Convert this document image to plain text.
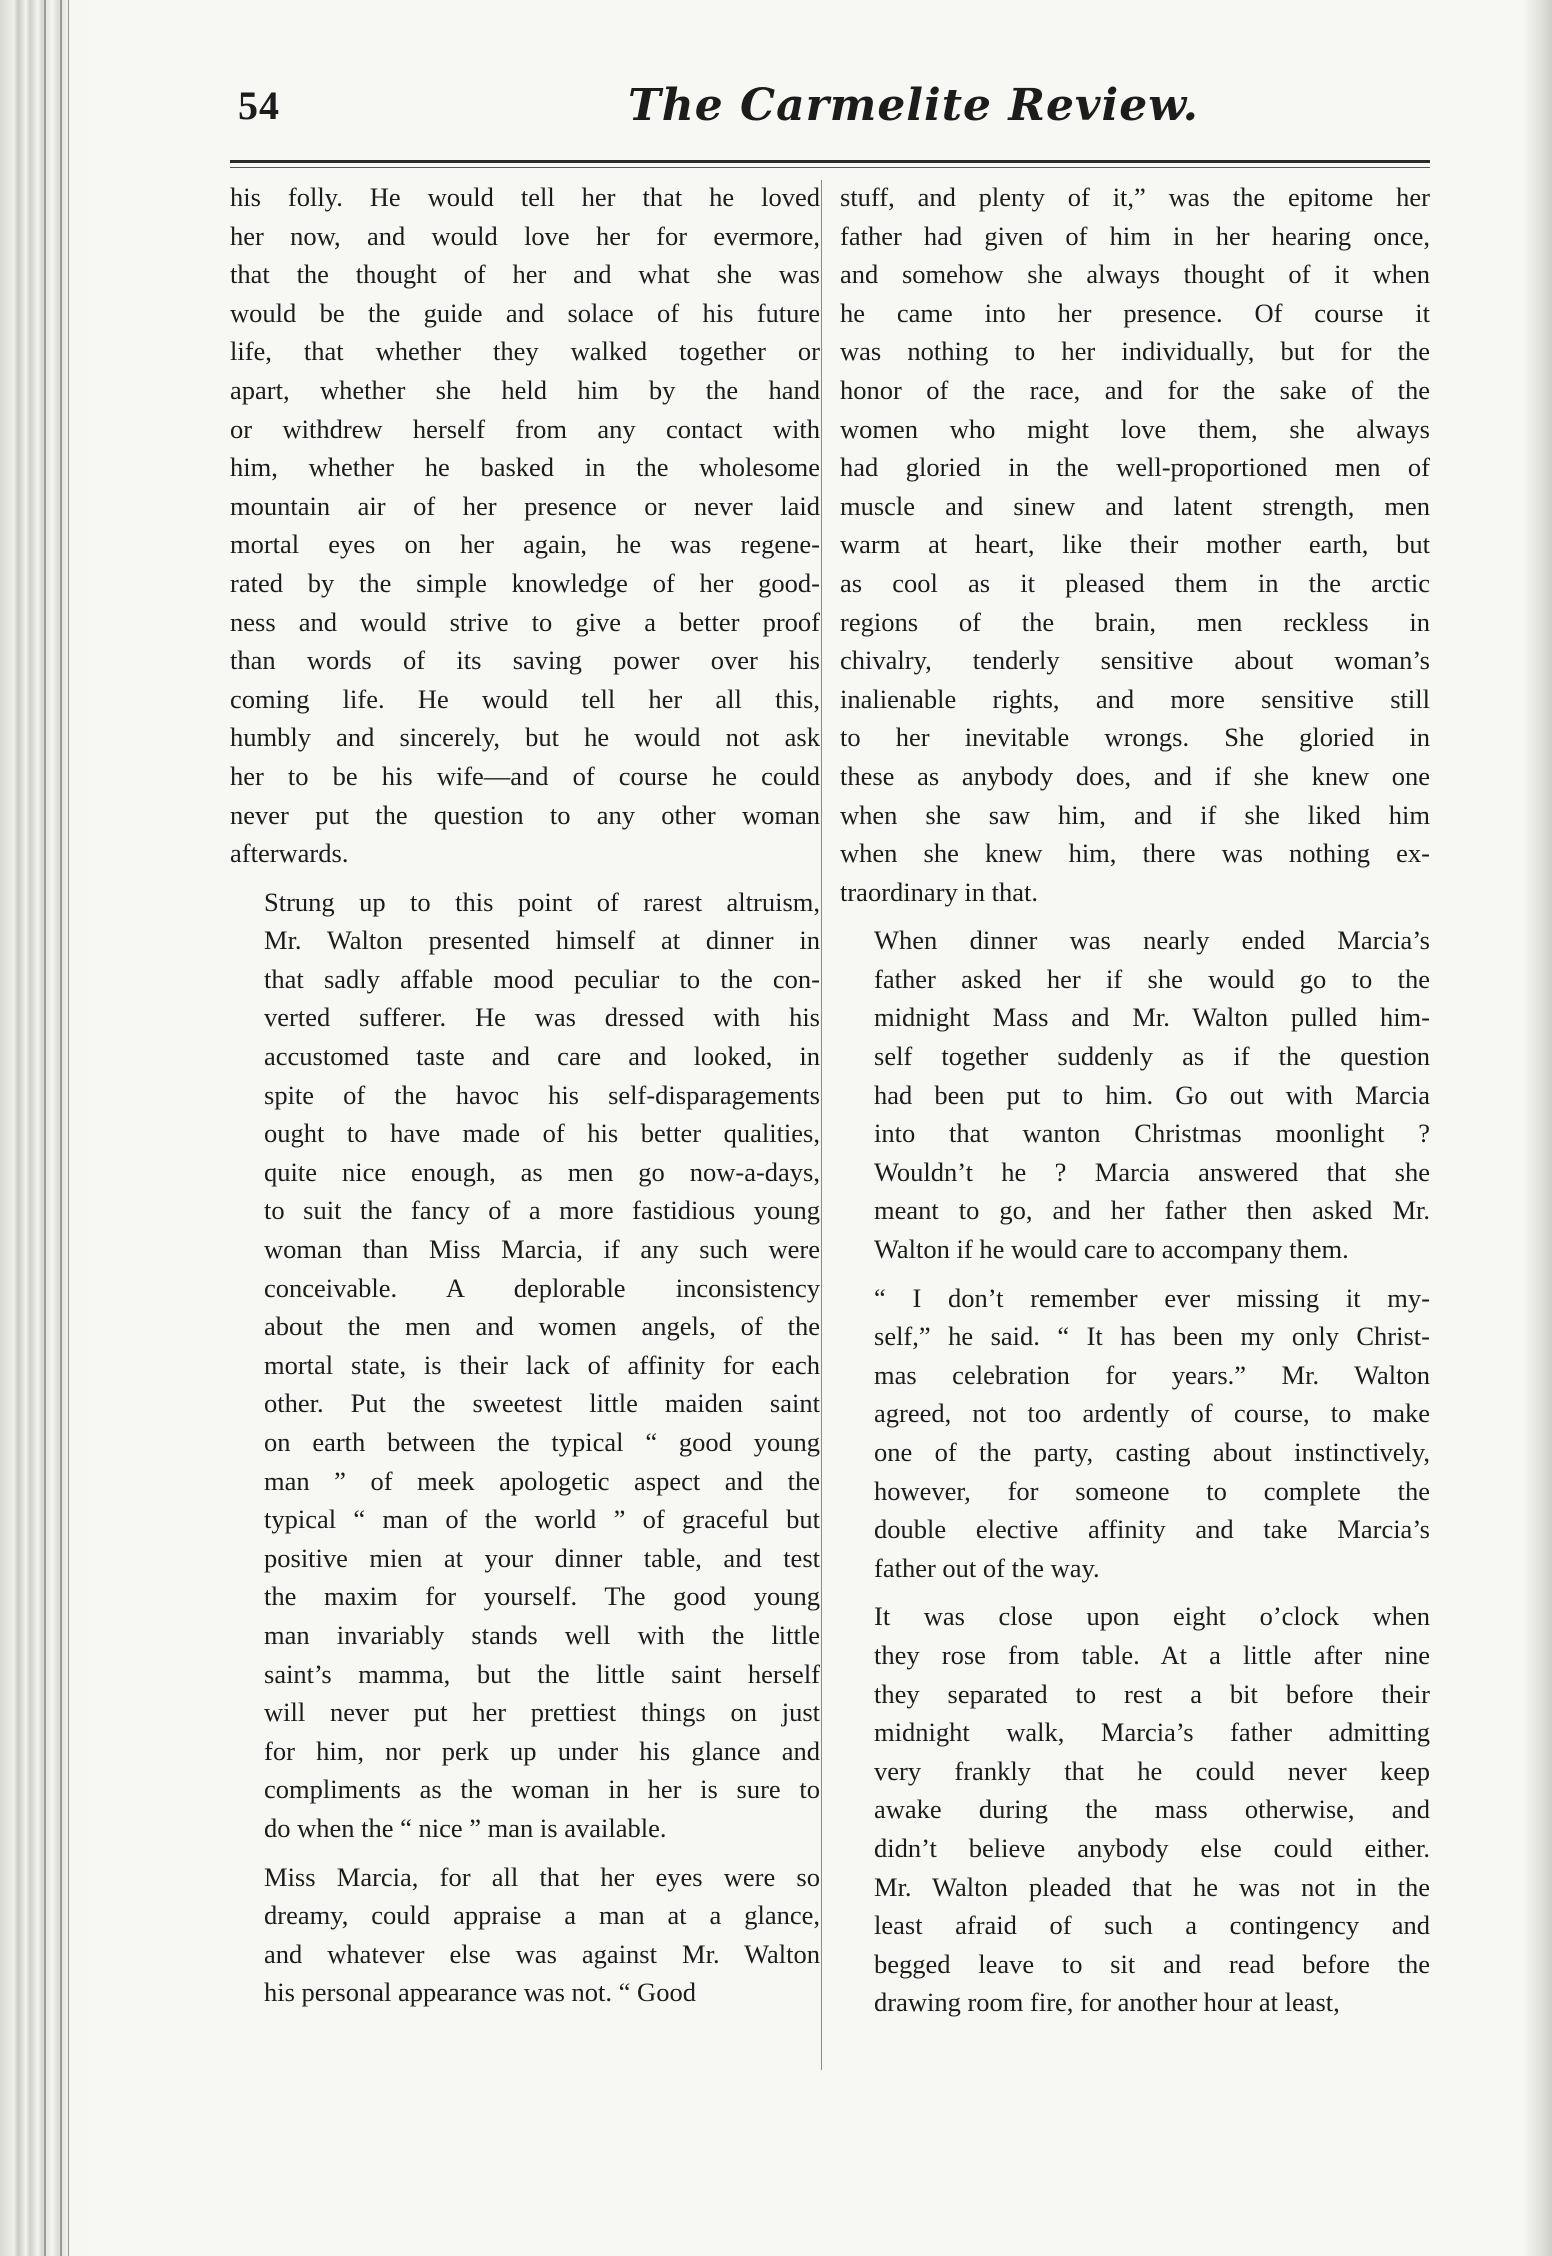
54	The Carmelite Review.

his folly. He would tell her that he loved
her now, and would love her for evermore,
that the thought of her and what she was
would be the guide and solace of his future
life, that whether they walked together or
apart, whether she held him by the hand
or withdrew herself from any contact with
him, whether he basked in the wholesome
mountain air of her presence or never laid
mortal eyes on her again, he was regene-
rated by the simple knowledge of her good-
ness and would strive to give a better proof
than words of its saving power over his
coming life. He would tell her all this,
humbly and sincerely, but he would not ask
her to be his wife—and of course he could
never put the question to any other woman
afterwards.

Strung up to this point of rarest altruism,
Mr. Walton presented himself at dinner in
that sadly affable mood peculiar to the con-
verted sufferer. He was dressed with his
accustomed taste and care and looked, in
spite of the havoc his self-disparagements
ought to have made of his better qualities,
quite nice enough, as men go now-a-days,
to suit the fancy of a more fastidious young
woman than Miss Marcia, if any such were
conceivable. A deplorable inconsistency
about the men and women angels, of the
mortal state, is their lack of affinity for each
other. Put the sweetest little maiden saint
on earth between the typical “ good young
man ” of meek apologetic aspect and the
typical “ man of the world ” of graceful but
positive mien at your dinner table, and test
the maxim for yourself. The good young
man invariably stands well with the little
saint’s mamma, but the little saint herself
will never put her prettiest things on just
for him, nor perk up under his glance and
compliments as the woman in her is sure to
do when the “ nice ” man is available.

Miss Marcia, for all that her eyes were so
dreamy, could appraise a man at a glance,
and whatever else was against Mr. Walton
his personal appearance was not. “ Good

stuff, and plenty of it,” was the epitome her
father had given of him in her hearing once,
and somehow she always thought of it when
he came into her presence. Of course it
was nothing to her individually, but for the
honor of the race, and for the sake of the
women who might love them, she always
had gloried in the well-proportioned men of
muscle and sinew and latent strength, men
warm at heart, like their mother earth, but
as cool as it pleased them in the arctic
regions of the brain, men reckless in
chivalry, tenderly sensitive about woman’s
inalienable rights, and more sensitive still
to her inevitable wrongs. She gloried in
these as anybody does, and if she knew one
when she saw him, and if she liked him
when she knew him, there was nothing ex-
traordinary in that.

When dinner was nearly ended Marcia’s
father asked her if she would go to the
midnight Mass and Mr. Walton pulled him-
self together suddenly as if the question
had been put to him. Go out with Marcia
into that wanton Christmas moonlight ?
Wouldn’t he ? Marcia answered that she
meant to go, and her father then asked Mr.
Walton if he would care to accompany them.

“ I don’t remember ever missing it my-
self,” he said. “ It has been my only Christ-
mas celebration for years.” Mr. Walton
agreed, not too ardently of course, to make
one of the party, casting about instinctively,
however, for someone to complete the
double elective affinity and take Marcia’s
father out of the way.

It was close upon eight o’clock when
they rose from table. At a little after nine
they separated to rest a bit before their
midnight walk, Marcia’s father admitting
very frankly that he could never keep
awake during the mass otherwise, and
didn’t believe anybody else could either.
Mr. Walton pleaded that he was not in the
least afraid of such a contingency and
begged leave to sit and read before the
drawing room fire, for another hour at least,
